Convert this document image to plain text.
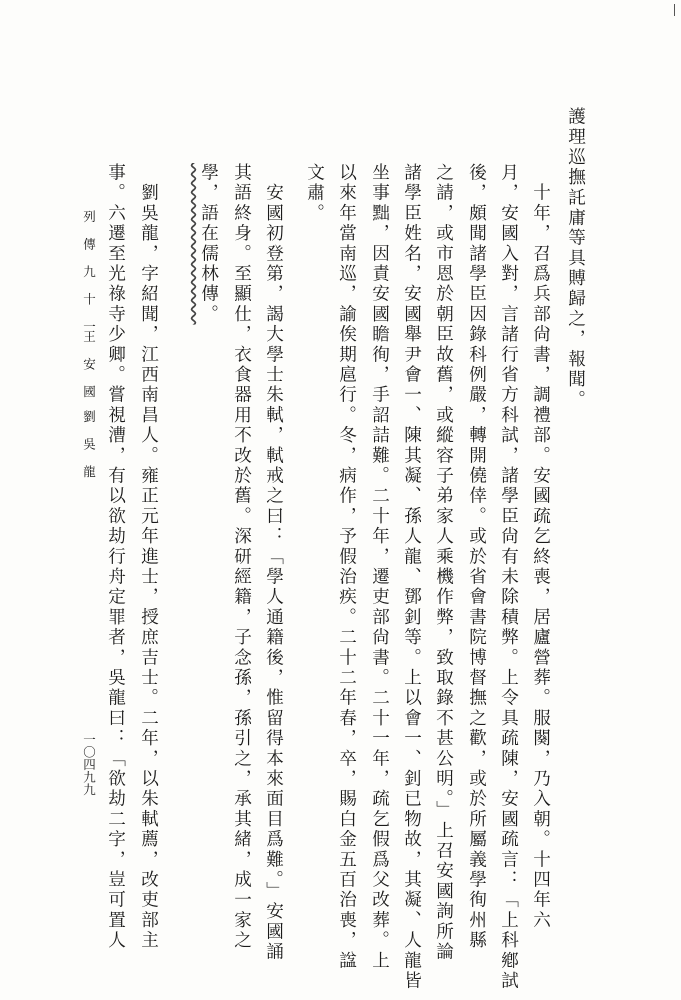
護理巡撫託庸等具賻歸之，報聞。
　十年，召爲兵部尙書，調禮部。安國疏乞終喪，居廬營葬。服闋，乃入朝。十四年六
月，安國入對，言諸行省方科試，諸學臣尙有未除積弊。上令具疏陳，安國疏言：「上科鄕試
後，頗聞諸學臣因錄科例嚴，轉開僥倖。或於省會書院博督撫之歡，或於所屬義學徇州縣
之請，或市恩於朝臣故舊，或縱容子弟家人乘機作弊，致取錄不甚公明。」上召安國詢所論
諸學臣姓名，安國舉尹會一、陳其凝、孫人龍、鄧釗等。上以會一、釗已物故，其凝、人龍皆
坐事黜，因責安國瞻徇，手詔詰難。二十年，遷吏部尙書。二十一年，疏乞假爲父改葬。上
以來年當南巡，諭俟期扈行。冬，病作，予假治疾。二十二年春，卒，賜白金五百治喪，諡
文肅。
　安國初登第，謁大學士朱軾，軾戒之曰：「學人通籍後，惟留得本來面目爲難。」安國誦
其語終身。至顯仕，衣食器用不改於舊。深研經籍，子念孫，孫引之，承其緒，成一家之
學，語在儒林傳。
　劉吳龍，字紹聞，江西南昌人。雍正元年進士，授庶吉士。二年，以朱軾薦，改吏部主
事。六遷至光祿寺少卿。嘗視漕，有以欲劫行舟定罪者，吳龍曰：「欲劫二字，豈可置人
列 傳 九 十 一
王 安 國　劉 吳 龍
一〇四九九
